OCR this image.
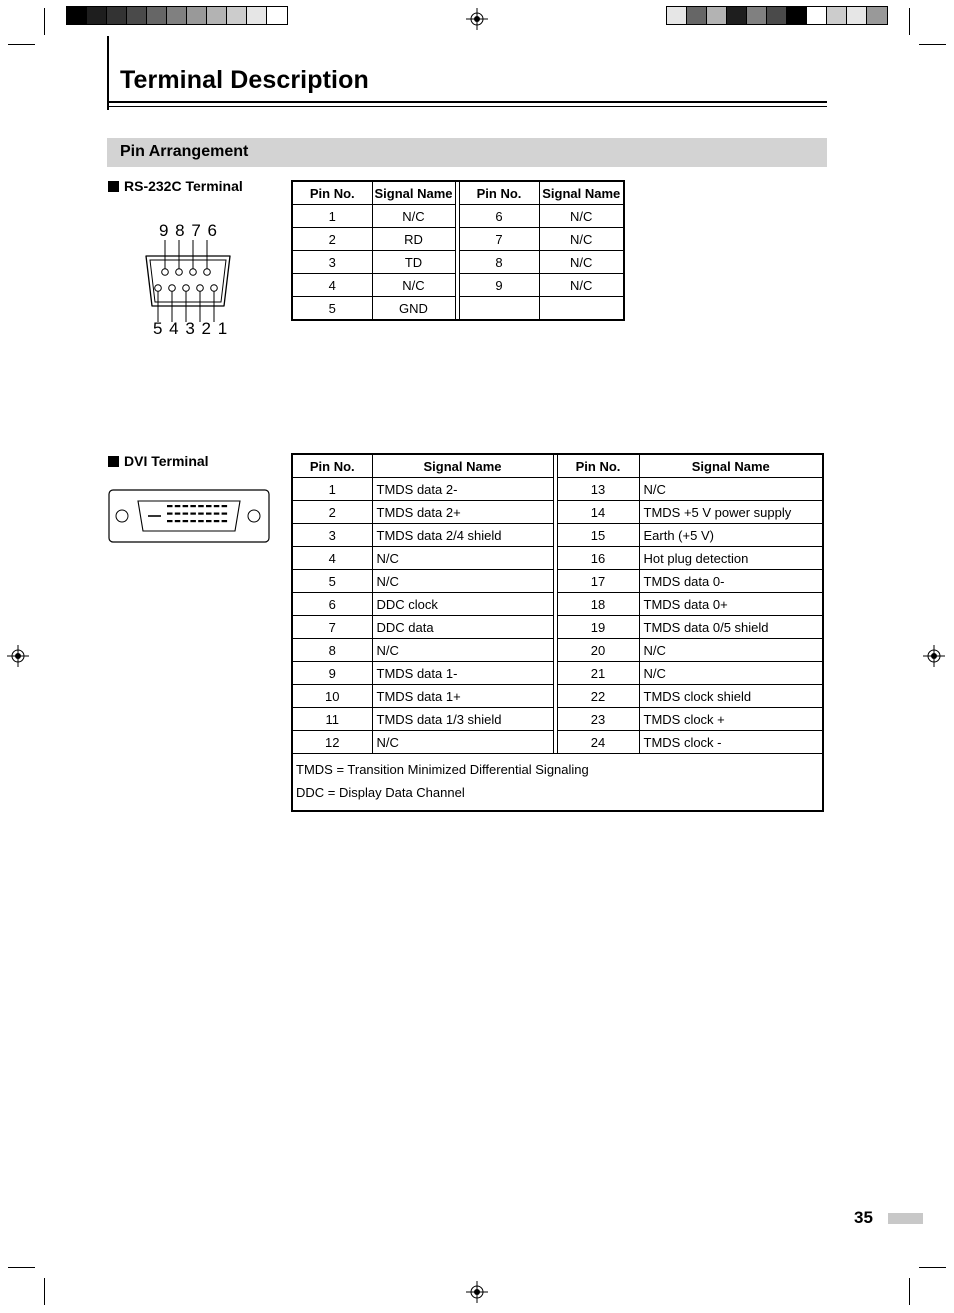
Terminal Description
Pin Arrangement
RS-232C Terminal
9 8 7 6
5 4 3 2 1
Pin No.	Signal Name		Pin No.	Signal Name
1	N/C		6	N/C
2	RD		7	N/C
3	TD		8	N/C
4	N/C		9	N/C
5	GND			
DVI Terminal	Pin No.	Signal Name		Pin No.	Signal Name
1	TMDS data 2-		13	N/C
2	TMDS data 2+		14	TMDS +5 V power supply
3	TMDS data 2/4 shield		15	Earth (+5 V)
4	N/C		16	Hot plug detection
5	N/C		17	TMDS data 0-
6	DDC clock		18	TMDS data 0+
7	DDC data		19	TMDS data 0/5 shield
8	N/C		20	N/C
9	TMDS data 1-		21	N/C
10	TMDS data 1+		22	TMDS clock shield
11	TMDS data 1/3 shield		23	TMDS clock +
12	N/C		24	TMDS clock -

TMDS = Transition Minimized Differential Signaling
DDC = Display Data Channel				
35
